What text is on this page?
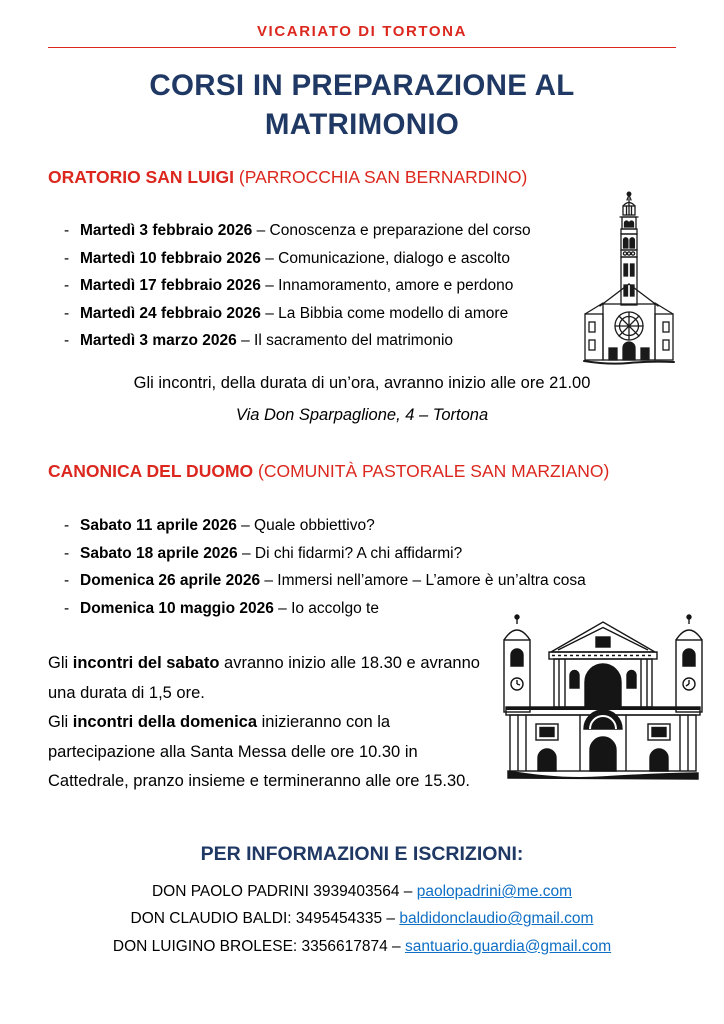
VICARIATO DI TORTONA
CORSI IN PREPARAZIONE AL
MATRIMONIO
ORATORIO SAN LUIGI (PARROCCHIA SAN BERNARDINO)
- Martedì 3 febbraio 2026 – Conoscenza e preparazione del corso
- Martedì 10 febbraio 2026 – Comunicazione, dialogo e ascolto
- Martedì 17 febbraio 2026 – Innamoramento, amore e perdono
- Martedì 24 febbraio 2026 – La Bibbia come modello di amore
- Martedì 3 marzo 2026 – Il sacramento del matrimonio

Gli incontri, della durata di un’ora, avranno inizio alle ore 21.00

Via Don Sparpaglione, 4 – Tortona

CANONICA DEL DUOMO (COMUNITÀ PASTORALE SAN MARZIANO)
- Sabato 11 aprile 2026 – Quale obbiettivo?
- Sabato 18 aprile 2026 – Di chi fidarmi? A chi affidarmi?
- Domenica 26 aprile 2026 – Immersi nell’amore – L’amore è un’altra cosa
- Domenica 10 maggio 2026 – Io accolgo te

Gli incontri del sabato avranno inizio alle 18.30 e avranno una durata di 1,5 ore.

Gli incontri della domenica inizieranno con la partecipazione alla Santa Messa delle ore 10.30 in Cattedrale, pranzo insieme e termineranno alle ore 15.30.

PER INFORMAZIONI E ISCRIZIONI:
DON PAOLO PADRINI 3939403564 – paolopadrini@me.com
DON CLAUDIO BALDI: 3495454335 – baldidonclaudio@gmail.com
DON LUIGINO BROLESE: 3356617874 – santuario.guardia@gmail.com
